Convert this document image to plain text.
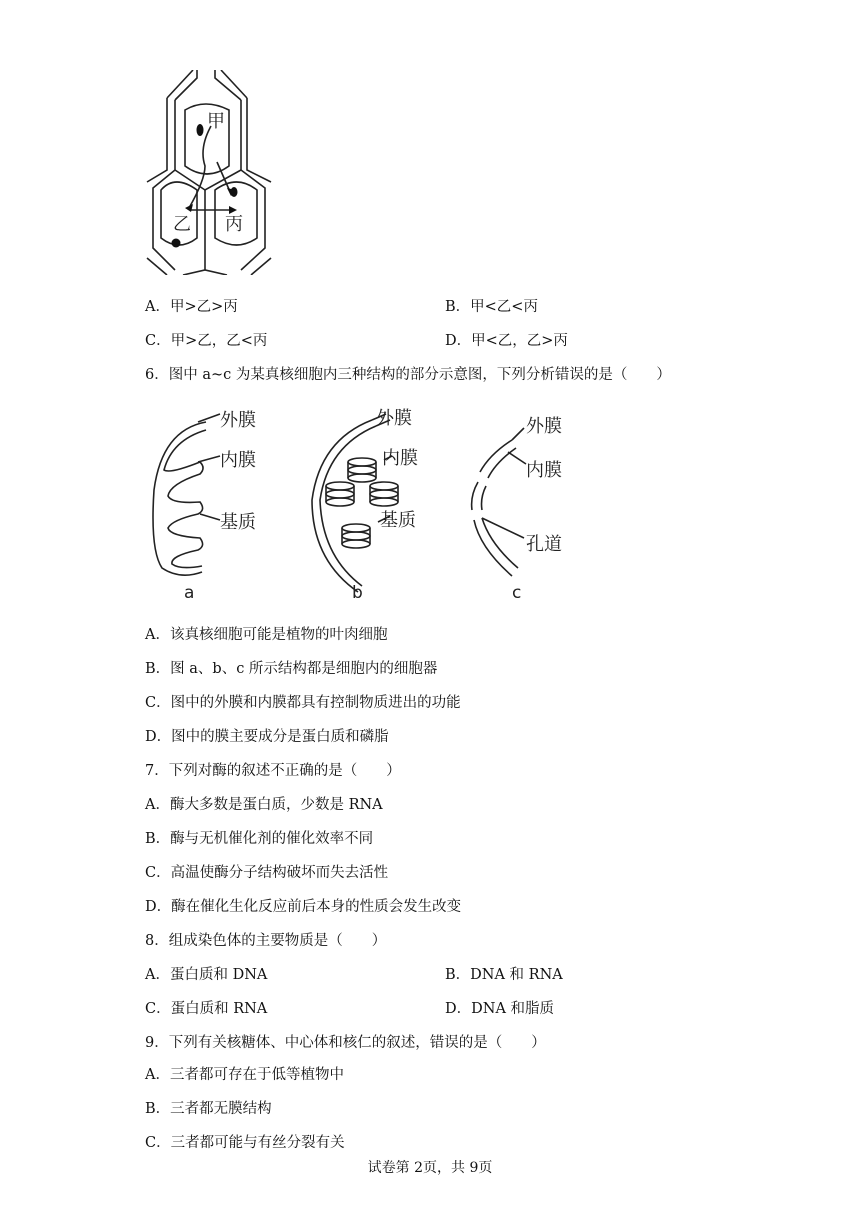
甲
乙 丙
A．甲>乙>丙	B．甲<乙<丙
C．甲>乙，乙<丙	D．甲<乙，乙>丙
6．图中 a~c 为某真核细胞内三种结构的部分示意图，下列分析错误的是（　　）
外膜
内膜
基质
a
外膜
内膜
基质
b
外膜
内膜
孔道
c
A．该真核细胞可能是植物的叶肉细胞
B．图 a、b、c 所示结构都是细胞内的细胞器
C．图中的外膜和内膜都具有控制物质进出的功能
D．图中的膜主要成分是蛋白质和磷脂
7．下列对酶的叙述不正确的是（　　）
A．酶大多数是蛋白质，少数是 RNA
B．酶与无机催化剂的催化效率不同
C．高温使酶分子结构破坏而失去活性
D．酶在催化生化反应前后本身的性质会发生改变
8．组成染色体的主要物质是（　　）
A．蛋白质和 DNA	B．DNA 和 RNA
C．蛋白质和 RNA	D．DNA 和脂质
9．下列有关核糖体、中心体和核仁的叙述，错误的是（　　）
A．三者都可存在于低等植物中
B．三者都无膜结构
C．三者都可能与有丝分裂有关
试卷第 2页，共 9页
